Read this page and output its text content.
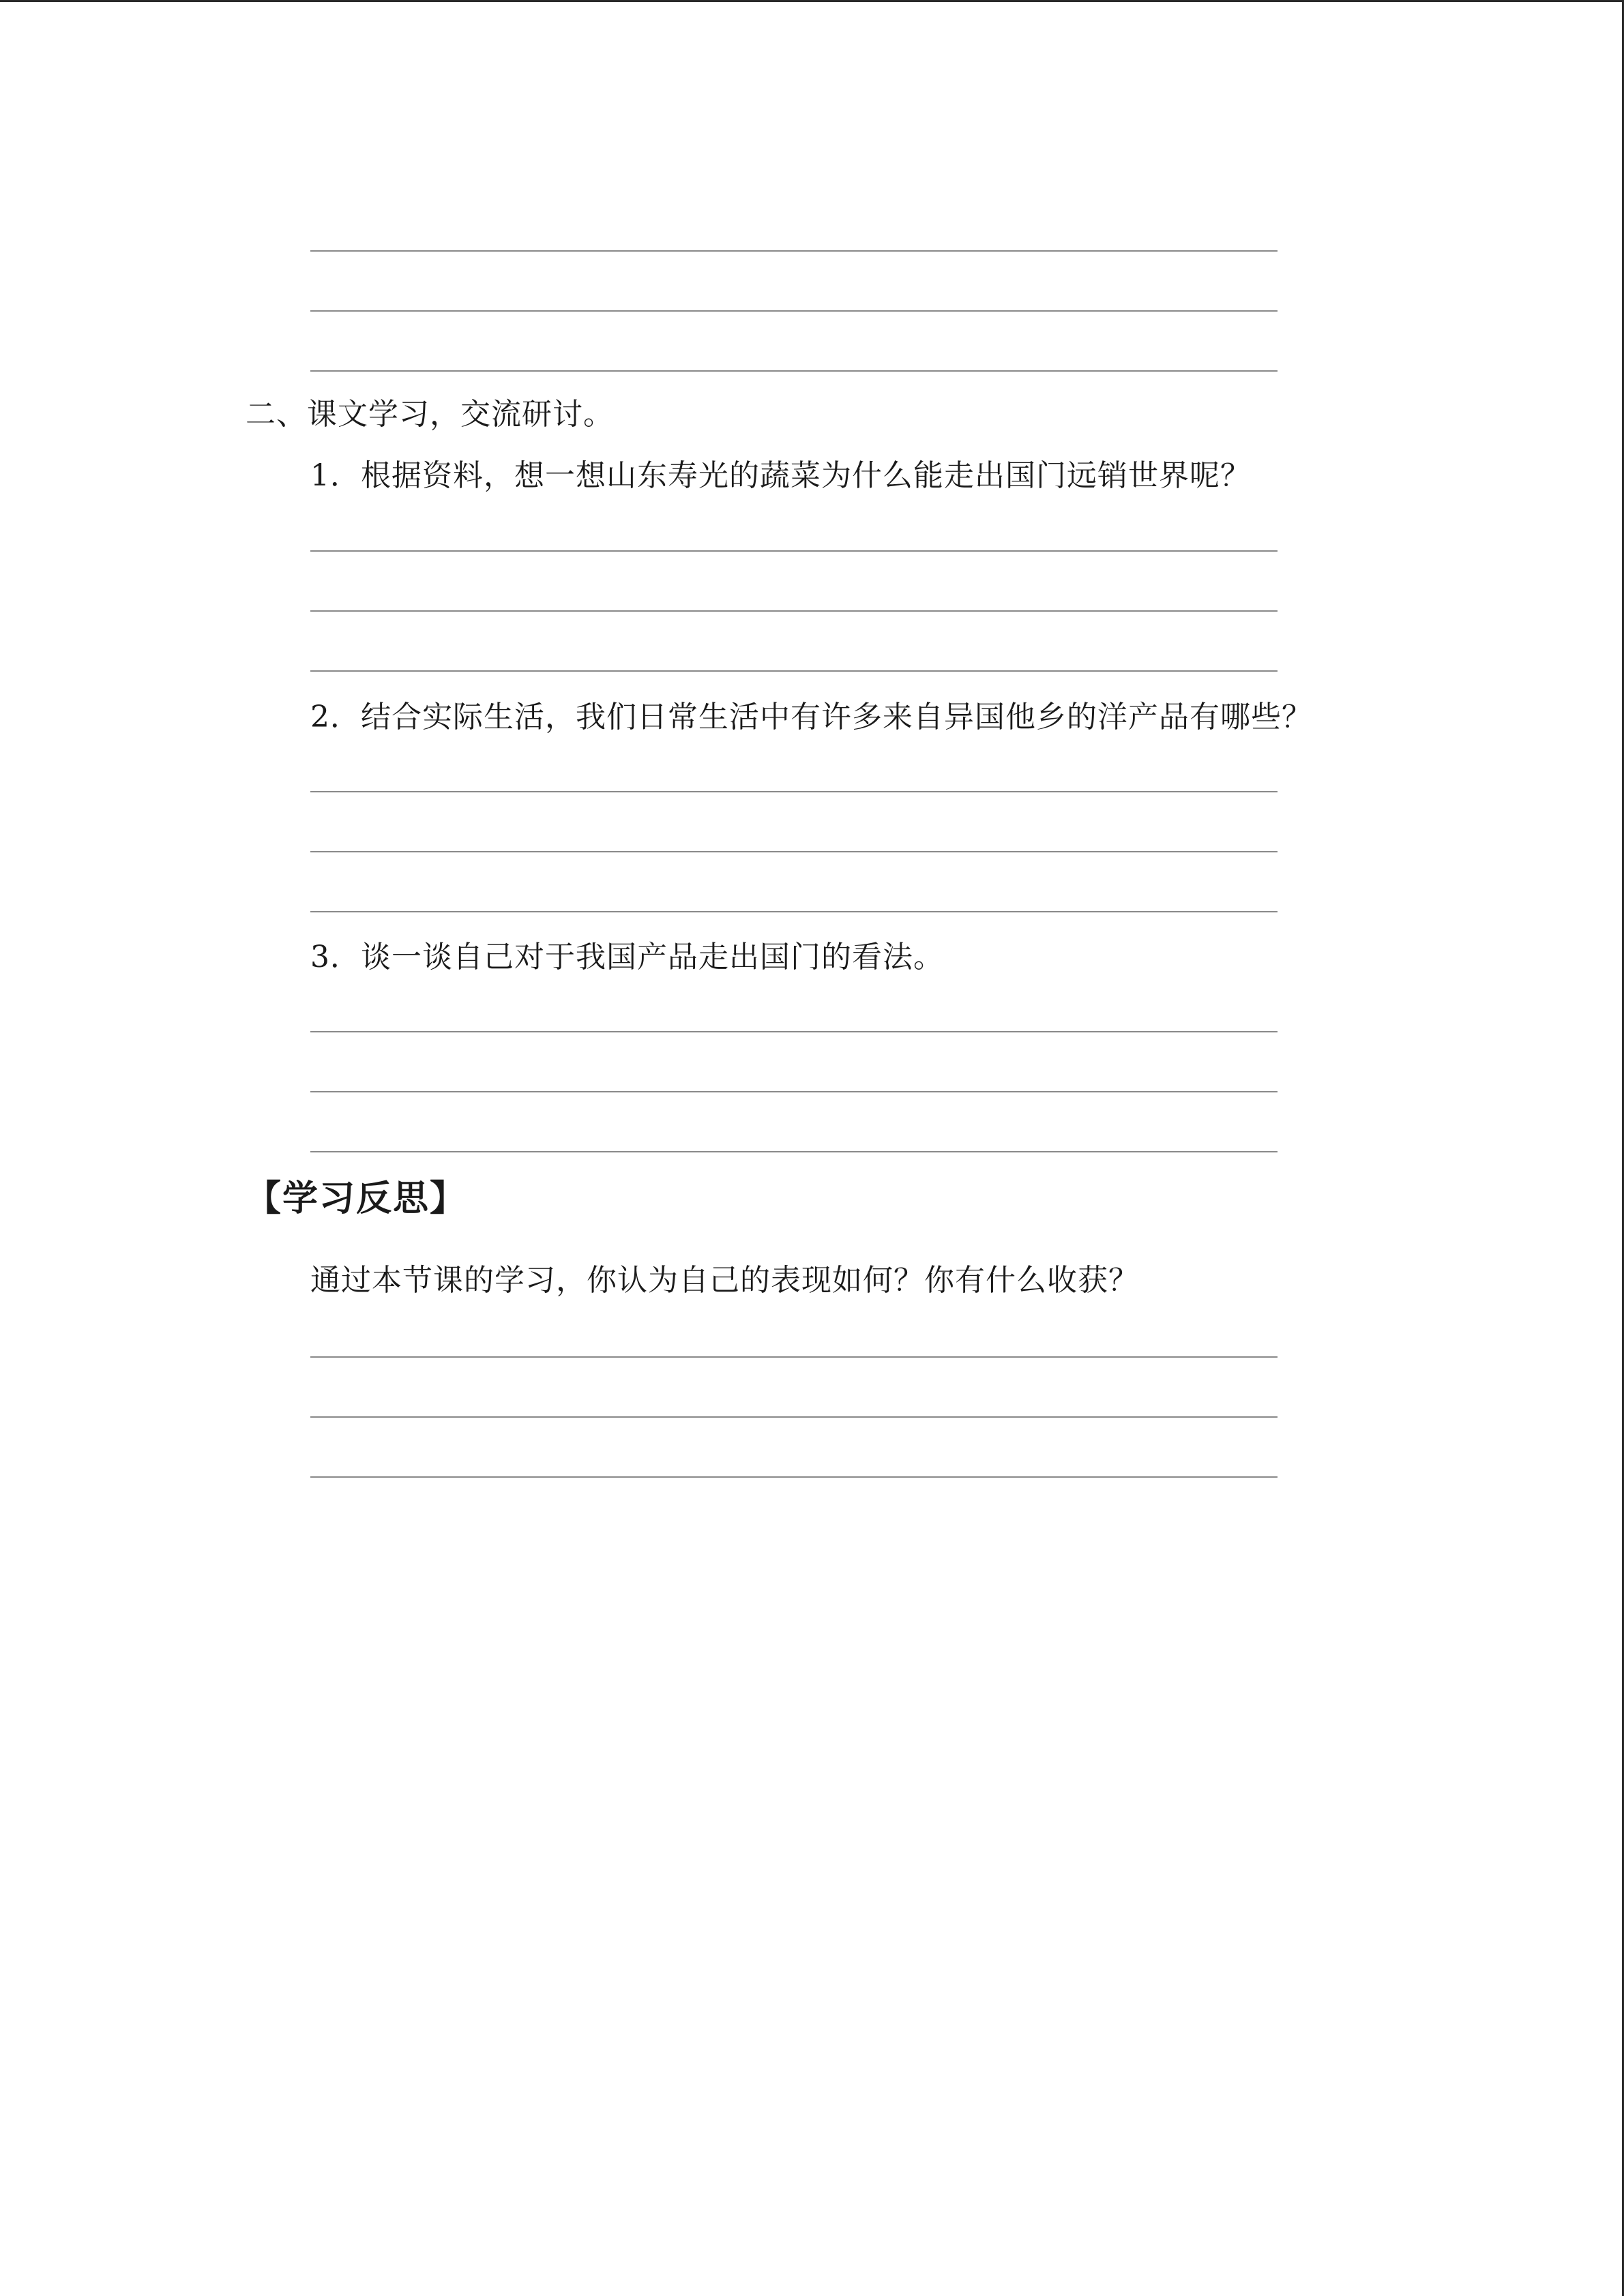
二、课文学习，交流研讨。
1．根据资料，想一想山东寿光的蔬菜为什么能走出国门远销世界呢？
2．结合实际生活，我们日常生活中有许多来自异国他乡的洋产品有哪些？
3．谈一谈自己对于我国产品走出国门的看法。
【学习反思】
通过本节课的学习，你认为自己的表现如何？你有什么收获？
